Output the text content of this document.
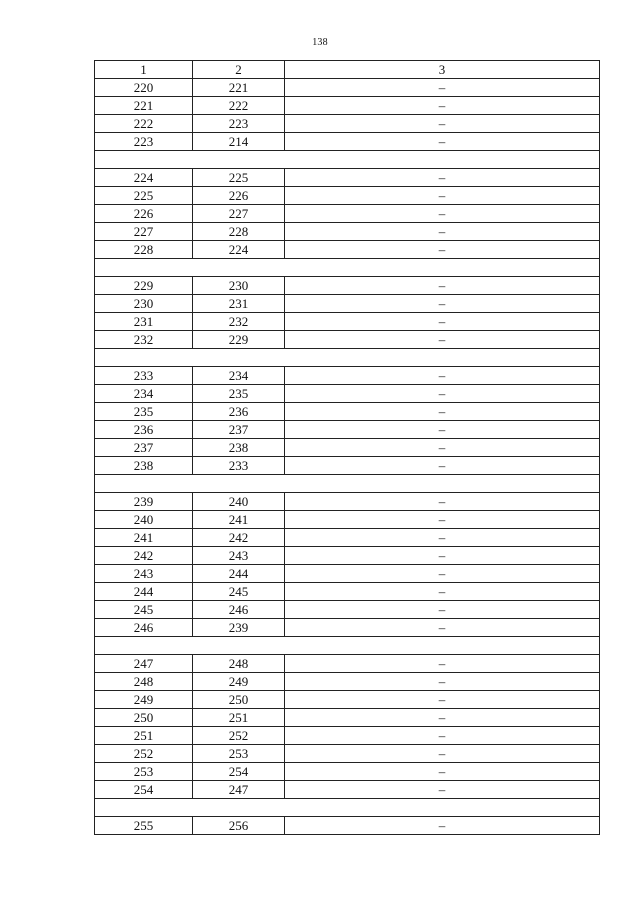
138
1	2	3
220	221	–
221	222	–
222	223	–
223	214	–

224	225	–
225	226	–
226	227	–
227	228	–
228	224	–

229	230	–
230	231	–
231	232	–
232	229	–

233	234	–
234	235	–
235	236	–
236	237	–
237	238	–
238	233	–

239	240	–
240	241	–
241	242	–
242	243	–
243	244	–
244	245	–
245	246	–
246	239	–

247	248	–
248	249	–
249	250	–
250	251	–
251	252	–
252	253	–
253	254	–
254	247	–

255	256	–
